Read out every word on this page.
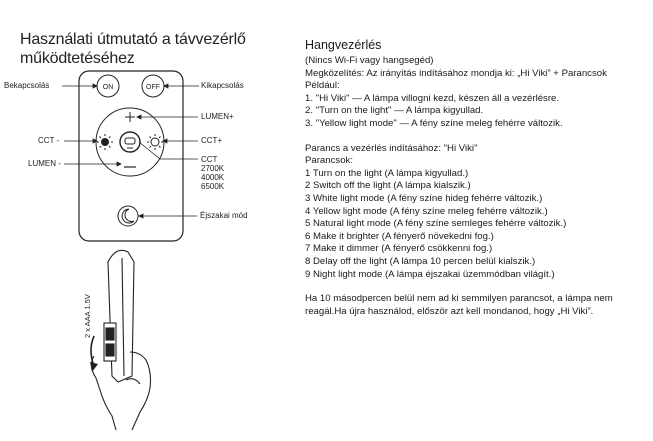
Használati útmutató a távvezérlő működtetéséhez
ON	OFF
2 x AAA 1.5V
Bekapcsolás	Kikapcsolás
LUMEN+
CCT -	CCT+
LUMEN -	CCT
2700K
4000K
6500K
Éjszakai mód
Hangvezérlés
(Nincs Wi-Fi vagy hangsegéd)
Megközelítés: Az irányítás indításához mondja ki: „Hi Viki” + Parancsok
Például:
1. "Hi Viki" — A lámpa villogni kezd, készen áll a vezérlésre.
2. "Turn on the light" — A lámpa kigyullad.
3. "Yellow light mode" — A fény színe meleg fehérre változik.
Parancs a vezérlés indításához: "Hi Viki"
Parancsok:
1 Turn on the light (A lámpa kigyullad.)
2 Switch off the light (A lámpa kialszik.)
3 White light mode (A fény színe hideg fehérre változik.)
4 Yellow light mode (A fény színe meleg fehérre változik.)
5 Natural light mode (A fény színe semleges fehérre változik.)
6 Make it brighter (A fényerő növekedni fog.)
7 Make it dimmer (A fényerő csökkenni fog.)
8 Delay off the light (A lámpa 10 percen belül kialszik.)
9 Night light mode (A lámpa éjszakai üzemmódban világít.)
Ha 10 másodpercen belül nem ad ki semmilyen parancsot, a lámpa nem reagál.Ha újra használod, először azt kell mondanod, hogy „Hi Viki”.
